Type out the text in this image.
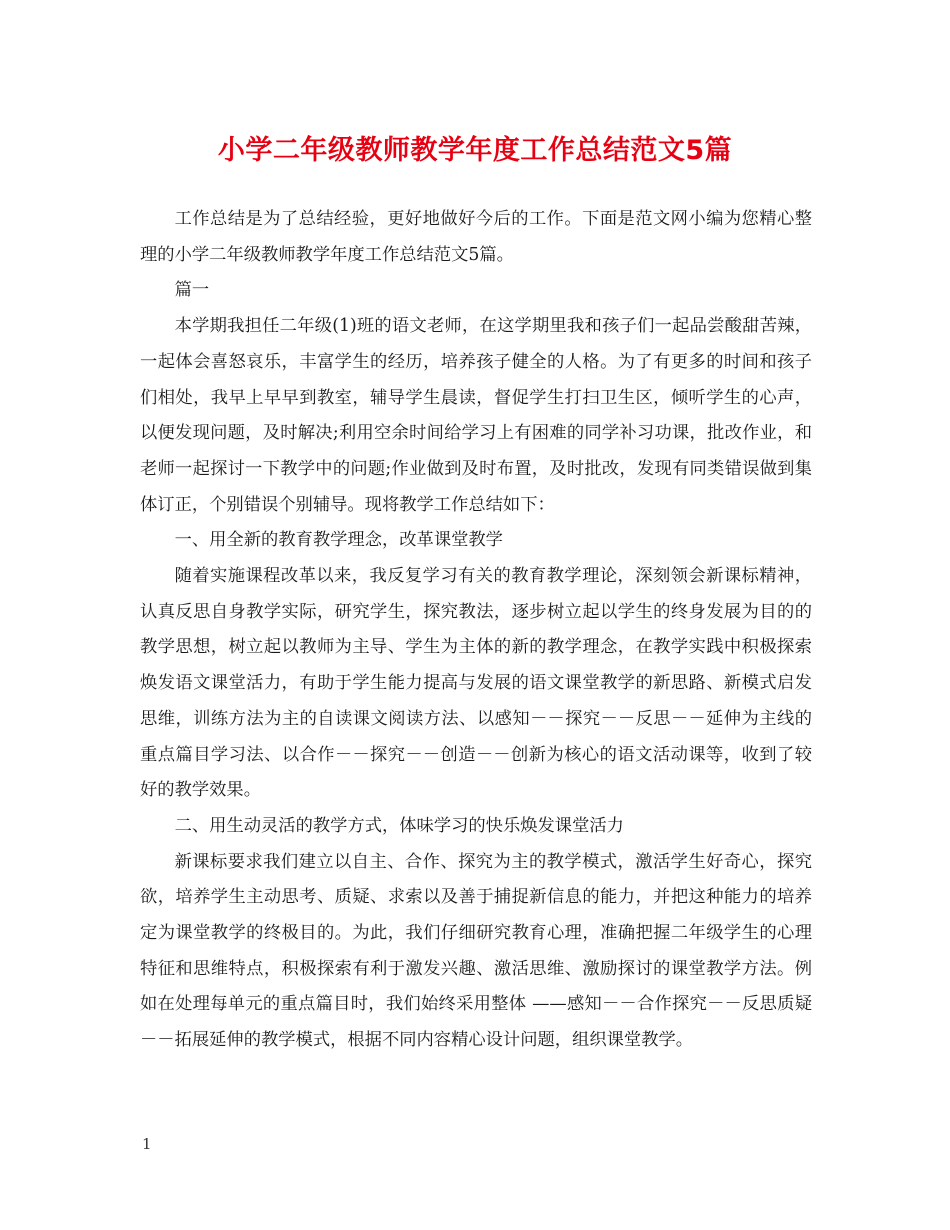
小学二年级教师教学年度工作总结范文5篇

工作总结是为了总结经验，更好地做好今后的工作。下面是范文网小编为您精心整理的小学二年级教师教学年度工作总结范文5篇。

篇一

本学期我担任二年级(1)班的语文老师，在这学期里我和孩子们一起品尝酸甜苦辣，一起体会喜怒哀乐，丰富学生的经历，培养孩子健全的人格。为了有更多的时间和孩子们相处，我早上早早到教室，辅导学生晨读，督促学生打扫卫生区，倾听学生的心声，以便发现问题，及时解决;利用空余时间给学习上有困难的同学补习功课，批改作业，和老师一起探讨一下教学中的问题;作业做到及时布置，及时批改，发现有同类错误做到集体订正，个别错误个别辅导。现将教学工作总结如下：

一、用全新的教育教学理念，改革课堂教学

随着实施课程改革以来，我反复学习有关的教育教学理论，深刻领会新课标精神，认真反思自身教学实际，研究学生，探究教法，逐步树立起以学生的终身发展为目的的教学思想，树立起以教师为主导、学生为主体的新的教学理念，在教学实践中积极探索焕发语文课堂活力，有助于学生能力提高与发展的语文课堂教学的新思路、新模式启发思维，训练方法为主的自读课文阅读方法、以感知－－探究－－反思－－延伸为主线的重点篇目学习法、以合作－－探究－－创造－－创新为核心的语文活动课等，收到了较好的教学效果。

二、用生动灵活的教学方式，体味学习的快乐焕发课堂活力

新课标要求我们建立以自主、合作、探究为主的教学模式，激活学生好奇心，探究欲，培养学生主动思考、质疑、求索以及善于捕捉新信息的能力，并把这种能力的培养定为课堂教学的终极目的。为此，我们仔细研究教育心理，准确把握二年级学生的心理特征和思维特点，积极探索有利于激发兴趣、激活思维、激励探讨的课堂教学方法。例如在处理每单元的重点篇目时，我们始终采用整体 ——感知－－合作探究－－反思质疑－－拓展延伸的教学模式，根据不同内容精心设计问题，组织课堂教学。

1
